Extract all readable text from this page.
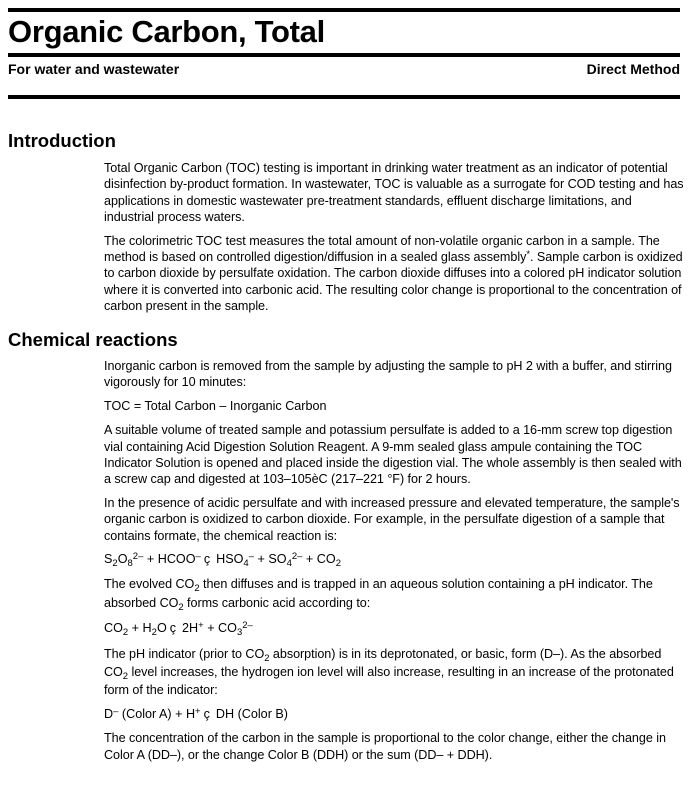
Organic Carbon, Total
For water and wastewater	Direct Method
Introduction

Total Organic Carbon (TOC) testing is important in drinking water treatment as an indicator of potential disinfection by-product formation. In wastewater, TOC is valuable as a surrogate for COD testing and has applications in domestic wastewater pre-treatment standards, effluent discharge limitations, and industrial process waters.

The colorimetric TOC test measures the total amount of non-volatile organic carbon in a sample. The method is based on controlled digestion/diffusion in a sealed glass assembly*. Sample carbon is oxidized to carbon dioxide by persulfate oxidation. The carbon dioxide diffuses into a colored pH indicator solution where it is converted into carbonic acid. The resulting color change is proportional to the concentration of carbon present in the sample.

Chemical reactions

Inorganic carbon is removed from the sample by adjusting the sample to pH 2 with a buffer, and stirring vigorously for 10 minutes:

TOC = Total Carbon – Inorganic Carbon

A suitable volume of treated sample and potassium persulfate is added to a 16-mm screw top digestion vial containing Acid Digestion Solution Reagent. A 9-mm sealed glass ampule containing the TOC Indicator Solution is opened and placed inside the digestion vial. The whole assembly is then sealed with a screw cap and digested at 103–105èC (217–221 °F) for 2 hours.

In the presence of acidic persulfate and with increased pressure and elevated temperature, the sample's organic carbon is oxidized to carbon dioxide. For example, in the persulfate digestion of a sample that contains formate, the chemical reaction is:

$S_2O_8^{2-}$ + HCOO– ç $HSO_4^- + SO_4^{2-} + CO_2$

The evolved $CO_2$ then diffuses and is trapped in an aqueous solution containing a pH indicator. The absorbed $CO_2$ forms carbonic acid according to:

$CO_2 + H_2O$ ç $2H^+ + CO_3^{2-}$

The pH indicator (prior to $CO_2$ absorption) is in its deprotonated, or basic, form (D–). As the absorbed $CO_2$ level increases, the hydrogen ion level will also increase, resulting in an increase of the protonated form of the indicator:

D– (Color A) + H+ ç DH (Color B)

The concentration of the carbon in the sample is proportional to the color change, either the change in Color A (DD–), or the change Color B (DDH) or the sum (DD– + DDH).
